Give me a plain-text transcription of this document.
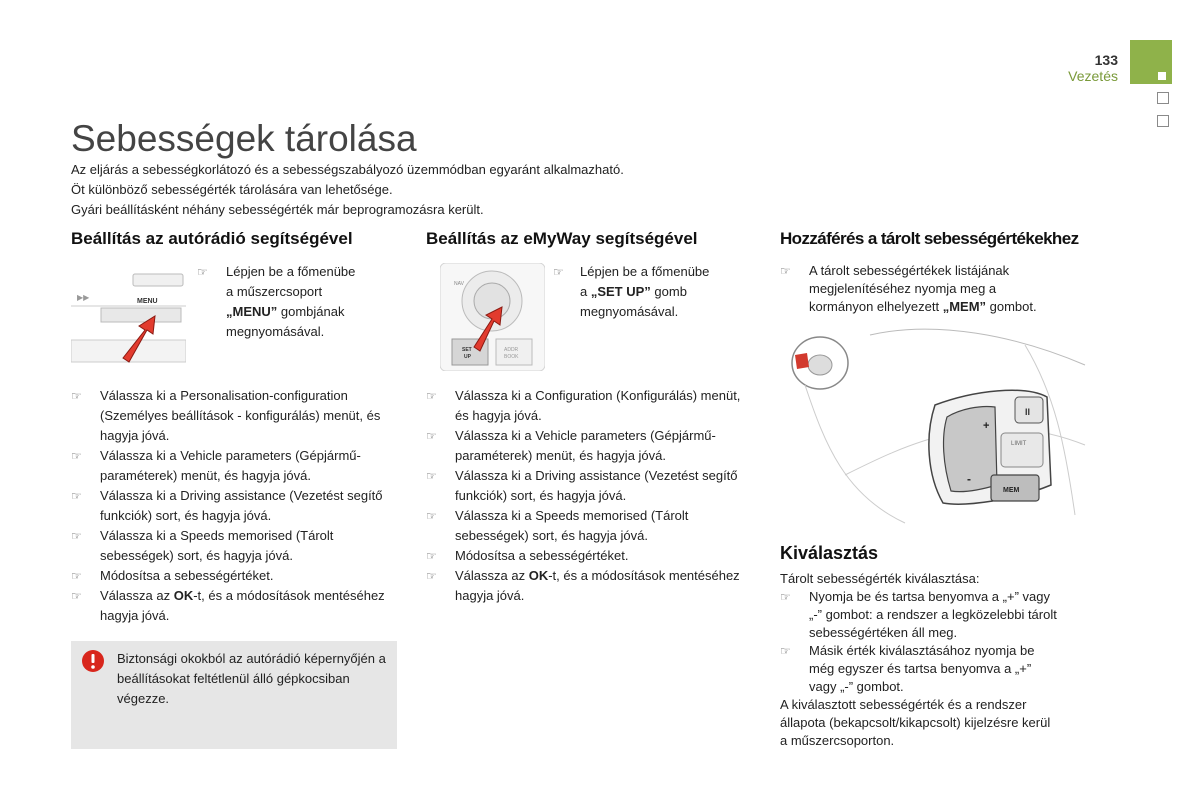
133
Vezetés
Sebességek tárolása

Az eljárás a sebességkorlátozó és a sebességszabályozó üzemmódban egyaránt alkalmazható.

Öt különböző sebességérték tárolására van lehetősége.

Gyári beállításként néhány sebességérték már beprogramozásra került.

Beállítás az autórádió segítségével
▶▶	MENU
☞ Lépjen be a főmenübe
a műszercsoport
„MENU” gombjának
megnyomásával.
☞ Válassza ki a Personalisation-configuration (Személyes beállítások - konfigurálás) menüt, és hagyja jóvá.
☞ Válassza ki a Vehicle parameters (Gépjármű-paraméterek) menüt, és hagyja jóvá.
☞ Válassza ki a Driving assistance (Vezetést segítő funkciók) sort, és hagyja jóvá.
☞ Válassza ki a Speeds memorised (Tárolt sebességek) sort, és hagyja jóvá.
☞ Módosítsa a sebességértéket.
☞ Válassza az OK-t, és a módosítások mentéséhez hagyja jóvá.
Biztonsági okokból az autórádió képernyőjén a beállításokat feltétlenül álló gépkocsiban végezze.
Beállítás az eMyWay segítségével
NAV
SET
UP
ADDR
BOOK
☞ Lépjen be a főmenübe
a „SET UP” gomb
megnyomásával.
☞ Válassza ki a Configuration (Konfigurálás) menüt, és hagyja jóvá.
☞ Válassza ki a Vehicle parameters (Gépjármű-paraméterek) menüt, és hagyja jóvá.
☞ Válassza ki a Driving assistance (Vezetést segítő funkciók) sort, és hagyja jóvá.
☞ Válassza ki a Speeds memorised (Tárolt sebességek) sort, és hagyja jóvá.
☞ Módosítsa a sebességértéket.
☞ Válassza az OK-t, és a módosítások mentéséhez hagyja jóvá.
Hozzáférés a tárolt sebességértékekhez
☞ A tárolt sebességértékek listájának
megjelenítéséhez nyomja meg a
kormányon elhelyezett „MEM” gombot.
II
+
-
LIMIT
MEM
Kiválasztás

Tárolt sebességérték kiválasztása:

☞ Nyomja be és tartsa benyomva a „+” vagy
„-” gombot: a rendszer a legközelebbi tárolt
sebességértéken áll meg.
☞ Másik érték kiválasztásához nyomja be
még egyszer és tartsa benyomva a „+”
vagy „-” gombot.

A kiválasztott sebességérték és a rendszer

állapota (bekapcsolt/kikapcsolt) kijelzésre kerül

a műszercsoporton.
